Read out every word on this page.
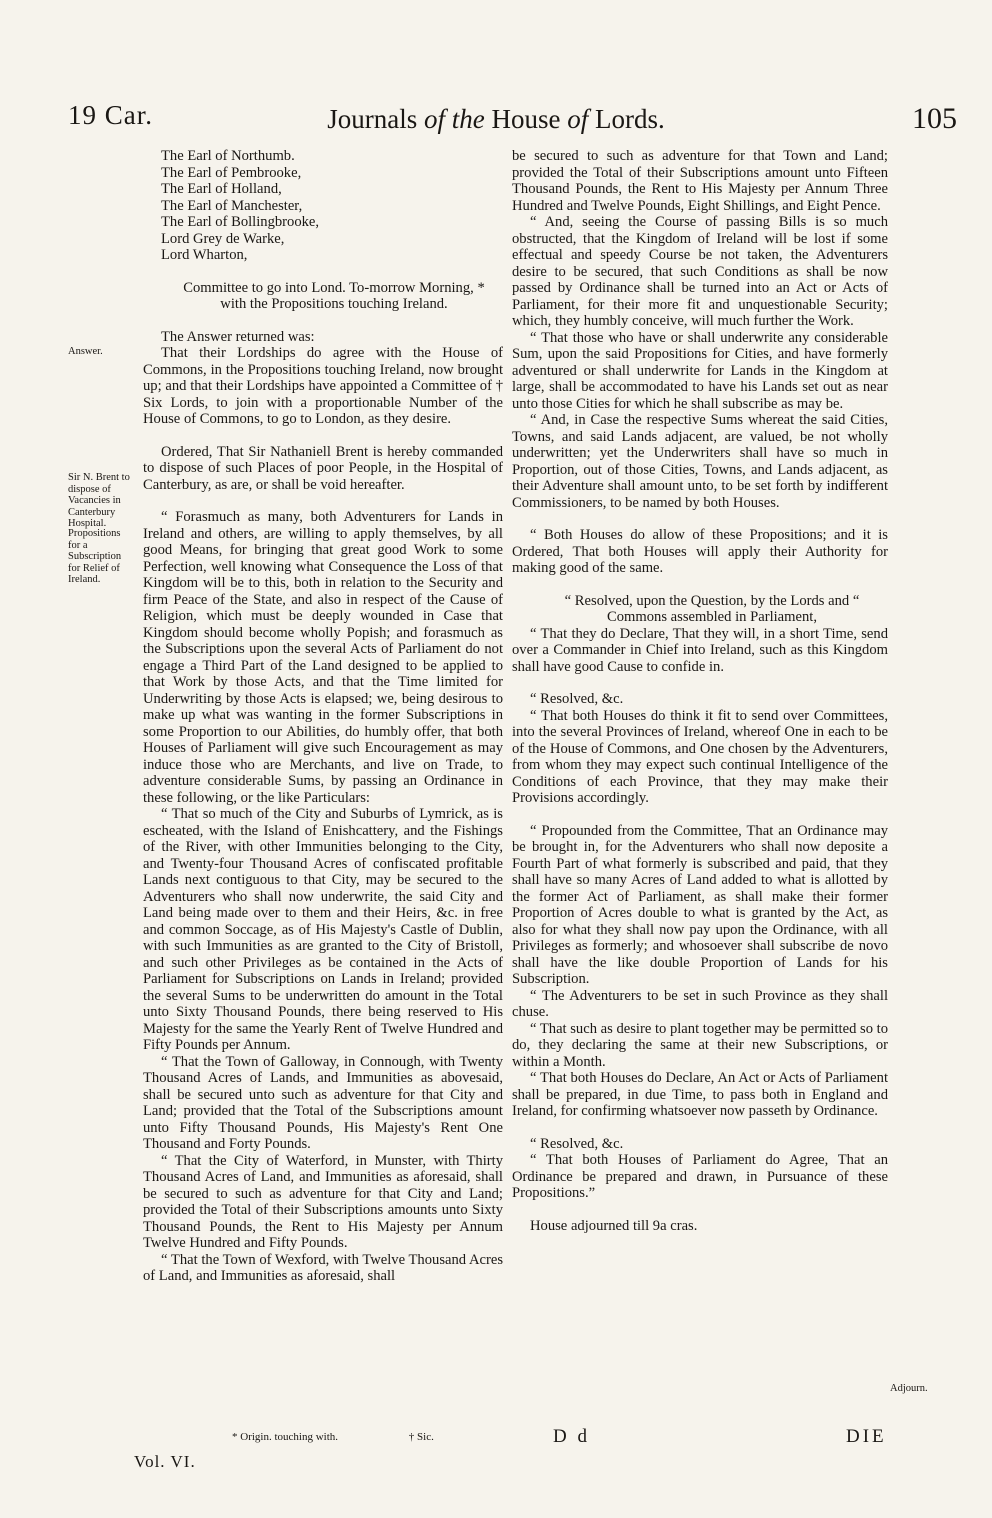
19 Car.	Journals of the House of Lords.	105
Answer.
Sir N. Brent to dispose of Vacancies in Canterbury Hospital.
Propositions for a Subscription for Relief of Ireland.
Adjourn.

The Earl of Northumb.

The Earl of Pembrooke,

The Earl of Holland,

The Earl of Manchester,

The Earl of Bollingbrooke,

Lord Grey de Warke,

Lord Wharton,

Committee to go into Lond. To-morrow Morning, * with the Propositions touching Ireland.

The Answer returned was:

That their Lordships do agree with the House of Commons, in the Propositions touching Ireland, now brought up; and that their Lordships have appointed a Committee of † Six Lords, to join with a proportionable Number of the House of Commons, to go to London, as they desire.

Ordered, That Sir Nathaniell Brent is hereby commanded to dispose of such Places of poor People, in the Hospital of Canterbury, as are, or shall be void hereafter.

“ Forasmuch as many, both Adventurers for Lands in Ireland and others, are willing to apply themselves, by all good Means, for bringing that great good Work to some Perfection, well knowing what Consequence the Loss of that Kingdom will be to this, both in relation to the Security and firm Peace of the State, and also in respect of the Cause of Religion, which must be deeply wounded in Case that Kingdom should become wholly Popish; and forasmuch as the Subscriptions upon the several Acts of Parliament do not engage a Third Part of the Land designed to be applied to that Work by those Acts, and that the Time limited for Underwriting by those Acts is elapsed; we, being desirous to make up what was wanting in the former Subscriptions in some Proportion to our Abilities, do humbly offer, that both Houses of Parliament will give such Encouragement as may induce those who are Merchants, and live on Trade, to adventure considerable Sums, by passing an Ordinance in these following, or the like Particulars:

“ That so much of the City and Suburbs of Lymrick, as is escheated, with the Island of Enishcattery, and the Fishings of the River, with other Immunities belonging to the City, and Twenty-four Thousand Acres of confiscated profitable Lands next contiguous to that City, may be secured to the Adventurers who shall now underwrite, the said City and Land being made over to them and their Heirs, &c. in free and common Soccage, as of His Majesty's Castle of Dublin, with such Immunities as are granted to the City of Bristoll, and such other Privileges as be contained in the Acts of Parliament for Subscriptions on Lands in Ireland; provided the several Sums to be underwritten do amount in the Total unto Sixty Thousand Pounds, there being reserved to His Majesty for the same the Yearly Rent of Twelve Hundred and Fifty Pounds per Annum.

“ That the Town of Galloway, in Connough, with Twenty Thousand Acres of Lands, and Immunities as abovesaid, shall be secured unto such as adventure for that City and Land; provided that the Total of the Subscriptions amount unto Fifty Thousand Pounds, His Majesty's Rent One Thousand and Forty Pounds.

“ That the City of Waterford, in Munster, with Thirty Thousand Acres of Land, and Immunities as aforesaid, shall be secured to such as adventure for that City and Land; provided the Total of their Subscriptions amounts unto Sixty Thousand Pounds, the Rent to His Majesty per Annum Twelve Hundred and Fifty Pounds.

“ That the Town of Wexford, with Twelve Thousand Acres of Land, and Immunities as aforesaid, shall

be secured to such as adventure for that Town and Land; provided the Total of their Subscriptions amount unto Fifteen Thousand Pounds, the Rent to His Majesty per Annum Three Hundred and Twelve Pounds, Eight Shillings, and Eight Pence.

“ And, seeing the Course of passing Bills is so much obstructed, that the Kingdom of Ireland will be lost if some effectual and speedy Course be not taken, the Adventurers desire to be secured, that such Conditions as shall be now passed by Ordinance shall be turned into an Act or Acts of Parliament, for their more fit and unquestionable Security; which, they humbly conceive, will much further the Work.

“ That those who have or shall underwrite any considerable Sum, upon the said Propositions for Cities, and have formerly adventured or shall underwrite for Lands in the Kingdom at large, shall be accommodated to have his Lands set out as near unto those Cities for which he shall subscribe as may be.

“ And, in Case the respective Sums whereat the said Cities, Towns, and said Lands adjacent, are valued, be not wholly underwritten; yet the Underwriters shall have so much in Proportion, out of those Cities, Towns, and Lands adjacent, as their Adventure shall amount unto, to be set forth by indifferent Commissioners, to be named by both Houses.

“ Both Houses do allow of these Propositions; and it is Ordered, That both Houses will apply their Authority for making good of the same.

“ Resolved, upon the Question, by the Lords and “ Commons assembled in Parliament,

“ That they do Declare, That they will, in a short Time, send over a Commander in Chief into Ireland, such as this Kingdom shall have good Cause to confide in.

“ Resolved, &c.

“ That both Houses do think it fit to send over Committees, into the several Provinces of Ireland, whereof One in each to be of the House of Commons, and One chosen by the Adventurers, from whom they may expect such continual Intelligence of the Conditions of each Province, that they may make their Provisions accordingly.

“ Propounded from the Committee, That an Ordinance may be brought in, for the Adventurers who shall now deposite a Fourth Part of what formerly is subscribed and paid, that they shall have so many Acres of Land added to what is allotted by the former Act of Parliament, as shall make their former Proportion of Acres double to what is granted by the Act, as also for what they shall now pay upon the Ordinance, with all Privileges as formerly; and whosoever shall subscribe de novo shall have the like double Proportion of Lands for his Subscription.

“ The Adventurers to be set in such Province as they shall chuse.

“ That such as desire to plant together may be permitted so to do, they declaring the same at their new Subscriptions, or within a Month.

“ That both Houses do Declare, An Act or Acts of Parliament shall be prepared, in due Time, to pass both in England and Ireland, for confirming whatsoever now passeth by Ordinance.

“ Resolved, &c.

“ That both Houses of Parliament do Agree, That an Ordinance be prepared and drawn, in Pursuance of these Propositions.”

House adjourned till 9a cras.

* Origin. touching with.	† Sic.
Vol. VI.
D d	DIE
